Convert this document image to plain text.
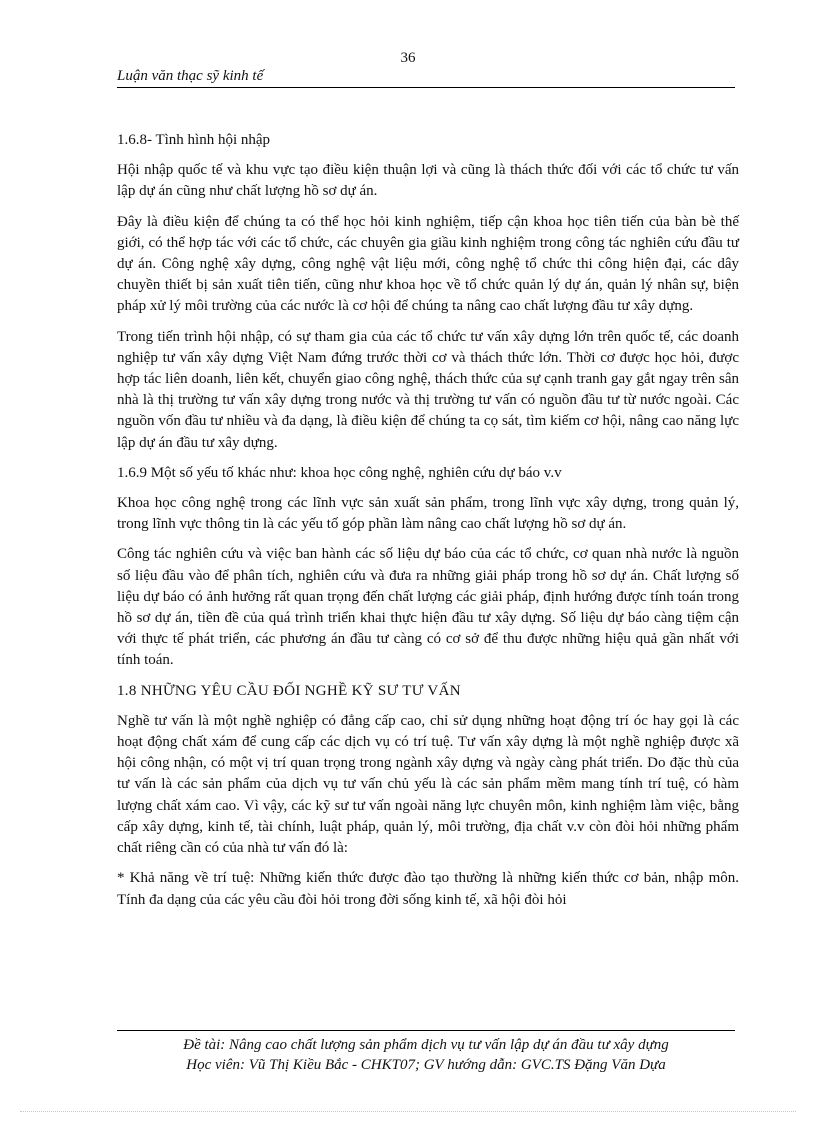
36
Luận văn thạc sỹ kinh tế

1.6.8- Tình hình hội nhập

Hội nhập quốc tế và khu vực tạo điều kiện thuận lợi và cũng là thách thức đối với các tổ chức tư vấn lập dự án cũng như chất lượng hồ sơ dự án.

Đây là điều kiện để chúng ta có thể học hỏi kinh nghiệm, tiếp cận khoa học tiên tiến của bàn bè thế giới, có thể hợp tác với các tổ chức, các chuyên gia giầu kinh nghiệm trong công tác nghiên cứu đầu tư dự án. Công nghệ xây dựng, công nghệ vật liệu mới, công nghệ tổ chức thi công hiện đại, các dây chuyền thiết bị sản xuất tiên tiến, cũng như khoa học về tổ chức quản lý dự án, quản lý nhân sự, biện pháp xử lý môi trường của các nước là cơ hội để chúng ta nâng cao chất lượng đầu tư xây dựng.

Trong tiến trình hội nhập, có sự tham gia của các tổ chức tư vấn xây dựng lớn trên quốc tế, các doanh nghiệp tư vấn xây dựng Việt Nam đứng trước thời cơ và thách thức lớn. Thời cơ được học hỏi, được hợp tác liên doanh, liên kết, chuyển giao công nghệ, thách thức của sự cạnh tranh gay gắt ngay trên sân nhà là thị trường tư vấn xây dựng trong nước và thị trường tư vấn có nguồn đầu tư từ nước ngoài. Các nguồn vốn đầu tư nhiều và đa dạng, là điều kiện để chúng ta cọ sát, tìm kiếm cơ hội, nâng cao năng lực lập dự án đầu tư xây dựng.

1.6.9 Một số yếu tố khác như: khoa học công nghệ, nghiên cứu dự báo v.v

Khoa học công nghệ trong các lĩnh vực sản xuất sản phẩm, trong lĩnh vực xây dựng, trong quản lý, trong lĩnh vực thông tin là các yếu tố góp phần làm nâng cao chất lượng hồ sơ dự án.

Công tác nghiên cứu và việc ban hành các số liệu dự báo của các tổ chức, cơ quan nhà nước là nguồn số liệu đầu vào để phân tích, nghiên cứu và đưa ra những giải pháp trong hồ sơ dự án. Chất lượng số liệu dự báo có ảnh hưởng rất quan trọng đến chất lượng các giải pháp, định hướng được tính toán trong hồ sơ dự án, tiền đề của quá trình triển khai thực hiện đầu tư xây dựng. Số liệu dự báo càng tiệm cận với thực tế phát triển, các phương án đầu tư càng có cơ sở để thu được những hiệu quả gần nhất với tính toán.

1.8 NHỮNG YÊU CẦU ĐỐI NGHỀ KỸ SƯ TƯ VẤN

Nghề tư vấn là một nghề nghiệp có đẳng cấp cao, chỉ sử dụng những hoạt động trí óc hay gọi là các hoạt động chất xám để cung cấp các dịch vụ có trí tuệ. Tư vấn xây dựng là một nghề nghiệp được xã hội công nhận, có một vị trí quan trọng trong ngành xây dựng và ngày càng phát triển. Do đặc thù của tư vấn là các sản phẩm của dịch vụ tư vấn chủ yếu là các sản phẩm mềm mang tính trí tuệ, có hàm lượng chất xám cao. Vì vậy, các kỹ sư tư vấn ngoài năng lực chuyên môn, kinh nghiệm làm việc, bằng cấp xây dựng, kinh tế, tài chính, luật pháp, quản lý, môi trường, địa chất v.v còn đòi hỏi những phẩm chất riêng cần có của nhà tư vấn đó là:

* Khả năng về trí tuệ: Những kiến thức được đào tạo thường là những kiến thức cơ bản, nhập môn. Tính đa dạng của các yêu cầu đòi hỏi trong đời sống kinh tế, xã hội đòi hỏi

Đề tài: Nâng cao chất lượng sản phẩm dịch vụ tư vấn lập dự án đầu tư xây dựng
Học viên: Vũ Thị Kiều Bắc - CHKT07; GV hướng dẫn: GVC.TS Đặng Văn Dựa
